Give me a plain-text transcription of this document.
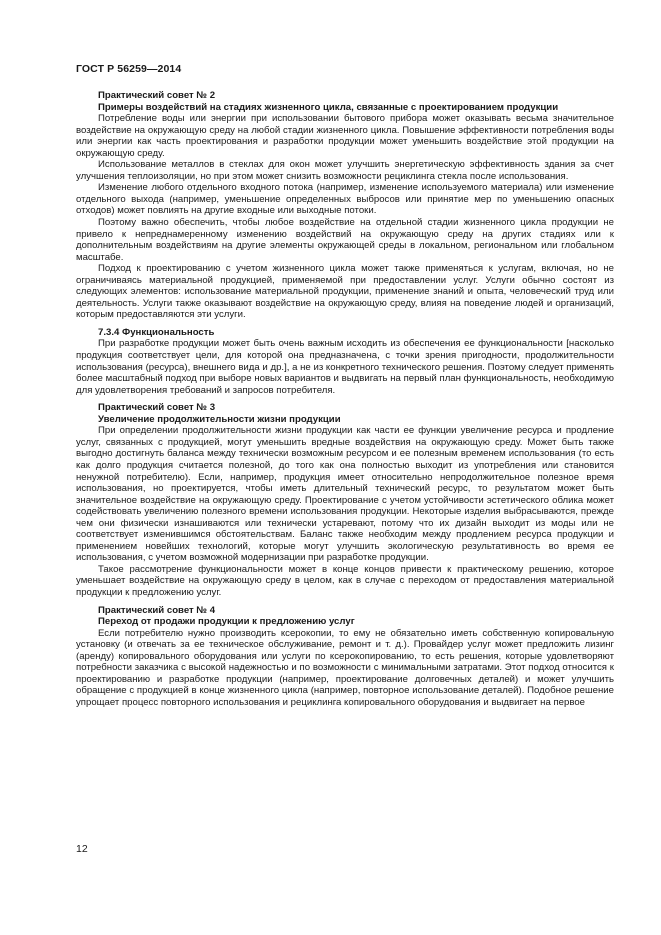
ГОСТ Р 56259—2014

Практический совет № 2

Примеры воздействий на стадиях жизненного цикла, связанные с проектированием продукции

Потребление воды или энергии при использовании бытового прибора может оказывать весьма значительное воздействие на окружающую среду на любой стадии жизненного цикла. Повышение эффективности потребления воды или энергии как часть проектирования и разработки продукции может уменьшить воздействие этой продукции на окружающую среду.

Использование металлов в стеклах для окон может улучшить энергетическую эффективность здания за счет улучшения теплоизоляции, но при этом может снизить возможности рециклинга стекла после использования.

Изменение любого отдельного входного потока (например, изменение используемого материала) или изменение отдельного выхода (например, уменьшение определенных выбросов или принятие мер по уменьшению опасных отходов) может повлиять на другие входные или выходные потоки.

Поэтому важно обеспечить, чтобы любое воздействие на отдельной стадии жизненного цикла продукции не привело к непреднамеренному изменению воздействий на окружающую среду на других стадиях или к дополнительным воздействиям на другие элементы окружающей среды в локальном, региональном или глобальном масштабе.

Подход к проектированию с учетом жизненного цикла может также применяться к услугам, включая, но не ограничиваясь материальной продукцией, применяемой при предоставлении услуг. Услуги обычно состоят из следующих элементов: использование материальной продукции, применение знаний и опыта, человеческий труд или деятельность. Услуги также оказывают воздействие на окружающую среду, влияя на поведение людей и организаций, которым предоставляются эти услуги.

7.3.4 Функциональность

При разработке продукции может быть очень важным исходить из обеспечения ее функциональности [насколько продукция соответствует цели, для которой она предназначена, с точки зрения пригодности, продолжительности использования (ресурса), внешнего вида и др.], а не из конкретного технического решения. Поэтому следует применять более масштабный подход при выборе новых вариантов и выдвигать на первый план функциональность, необходимую для удовлетворения требований и запросов потребителя.

Практический совет № 3

Увеличение продолжительности жизни продукции

При определении продолжительности жизни продукции как части ее функции увеличение ресурса и продление услуг, связанных с продукцией, могут уменьшить вредные воздействия на окружающую среду. Может быть также выгодно достигнуть баланса между технически возможным ресурсом и ее полезным временем использования (то есть как долго продукция считается полезной, до того как она полностью выходит из употребления или становится ненужной потребителю). Если, например, продукция имеет относительно непродолжительное полезное время использования, но проектируется, чтобы иметь длительный технический ресурс, то результатом может быть значительное воздействие на окружающую среду. Проектирование с учетом устойчивости эстетического облика может содействовать увеличению полезного времени использования продукции. Некоторые изделия выбрасываются, прежде чем они физически изнашиваются или технически устаревают, потому что их дизайн выходит из моды или не соответствует изменившимся обстоятельствам. Баланс также необходим между продлением ресурса продукции и применением новейших технологий, которые могут улучшить экологическую результативность во время ее использования, с учетом возможной модернизации при разработке продукции.

Такое рассмотрение функциональности может в конце концов привести к практическому решению, которое уменьшает воздействие на окружающую среду в целом, как в случае с переходом от предоставления материальной продукции к предложению услуг.

Практический совет № 4

Переход от продажи продукции к предложению услуг

Если потребителю нужно производить ксерокопии, то ему не обязательно иметь собственную копировальную установку (и отвечать за ее техническое обслуживание, ремонт и т. д.). Провайдер услуг может предложить лизинг (аренду) копировального оборудования или услуги по ксерокопированию, то есть решения, которые удовлетворяют потребности заказчика с высокой надежностью и по возможности с минимальными затратами. Этот подход относится к проектированию и разработке продукции (например, проектирование долговечных деталей) и может улучшить обращение с продукцией в конце жизненного цикла (например, повторное использование деталей). Подобное решение упрощает процесс повторного использования и рециклинга копировального оборудования и выдвигает на первое

12
